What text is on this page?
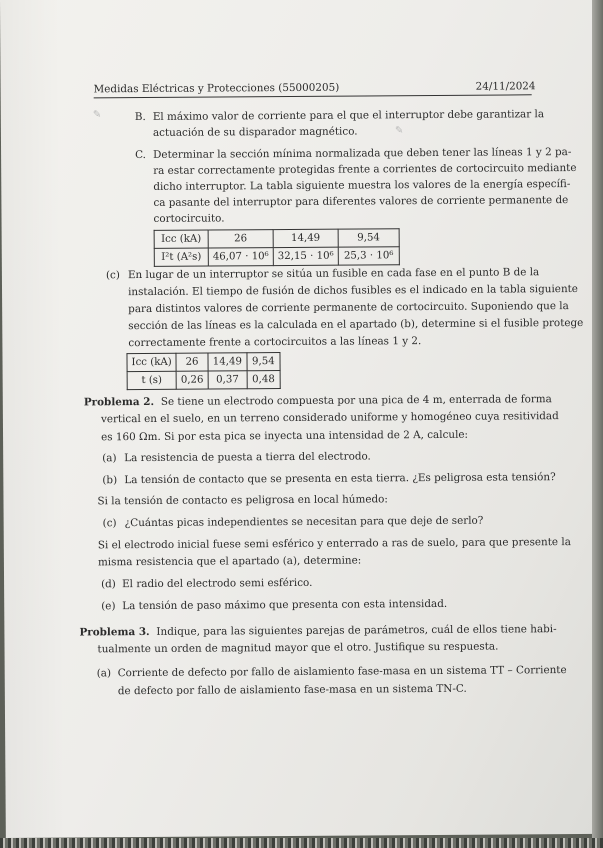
Medidas Eléctricas y Protecciones (55000205)	24/11/2024
B. El máximo valor de corriente para el que el interruptor debe garantizar la
actuación de su disparador magnético.
C. Determinar la sección mínima normalizada que deben tener las líneas 1 y 2 pa-
ra estar correctamente protegidas frente a corrientes de cortocircuito mediante
dicho interruptor. La tabla siguiente muestra los valores de la energía específi-
ca pasante del interruptor para diferentes valores de corriente permanente de
cortocircuito.
Icc (kA)	26	14,49	9,54
I²t (A²s)	46,07 · 10⁶	32,15 · 10⁶	25,3 · 10⁶
(c) En lugar de un interruptor se sitúa un fusible en cada fase en el punto B de la
instalación. El tiempo de fusión de dichos fusibles es el indicado en la tabla siguiente
para distintos valores de corriente permanente de cortocircuito. Suponiendo que la
sección de las líneas es la calculada en el apartado (b), determine si el fusible protege
correctamente frente a cortocircuitos a las líneas 1 y 2.
Icc (kA)	26	14,49	9,54
t (s)	0,26	0,37	0,48
Problema 2. Se tiene un electrodo compuesta por una pica de 4 m, enterrada de forma
vertical en el suelo, en un terreno considerado uniforme y homogéneo cuya resitividad
es 160 Ωm. Si por esta pica se inyecta una intensidad de 2 A, calcule:
(a) La resistencia de puesta a tierra del electrodo.
(b) La tensión de contacto que se presenta en esta tierra. ¿Es peligrosa esta tensión?
Si la tensión de contacto es peligrosa en local húmedo:
(c) ¿Cuántas picas independientes se necesitan para que deje de serlo?
Si el electrodo inicial fuese semi esférico y enterrado a ras de suelo, para que presente la
misma resistencia que el apartado (a), determine:
(d) El radio del electrodo semi esférico.
(e) La tensión de paso máximo que presenta con esta intensidad.
Problema 3. Indique, para las siguientes parejas de parámetros, cuál de ellos tiene habi-
tualmente un orden de magnitud mayor que el otro. Justifique su respuesta.
(a) Corriente de defecto por fallo de aislamiento fase-masa en un sistema TT – Corriente
de defecto por fallo de aislamiento fase-masa en un sistema TN-C.
✎
✎
